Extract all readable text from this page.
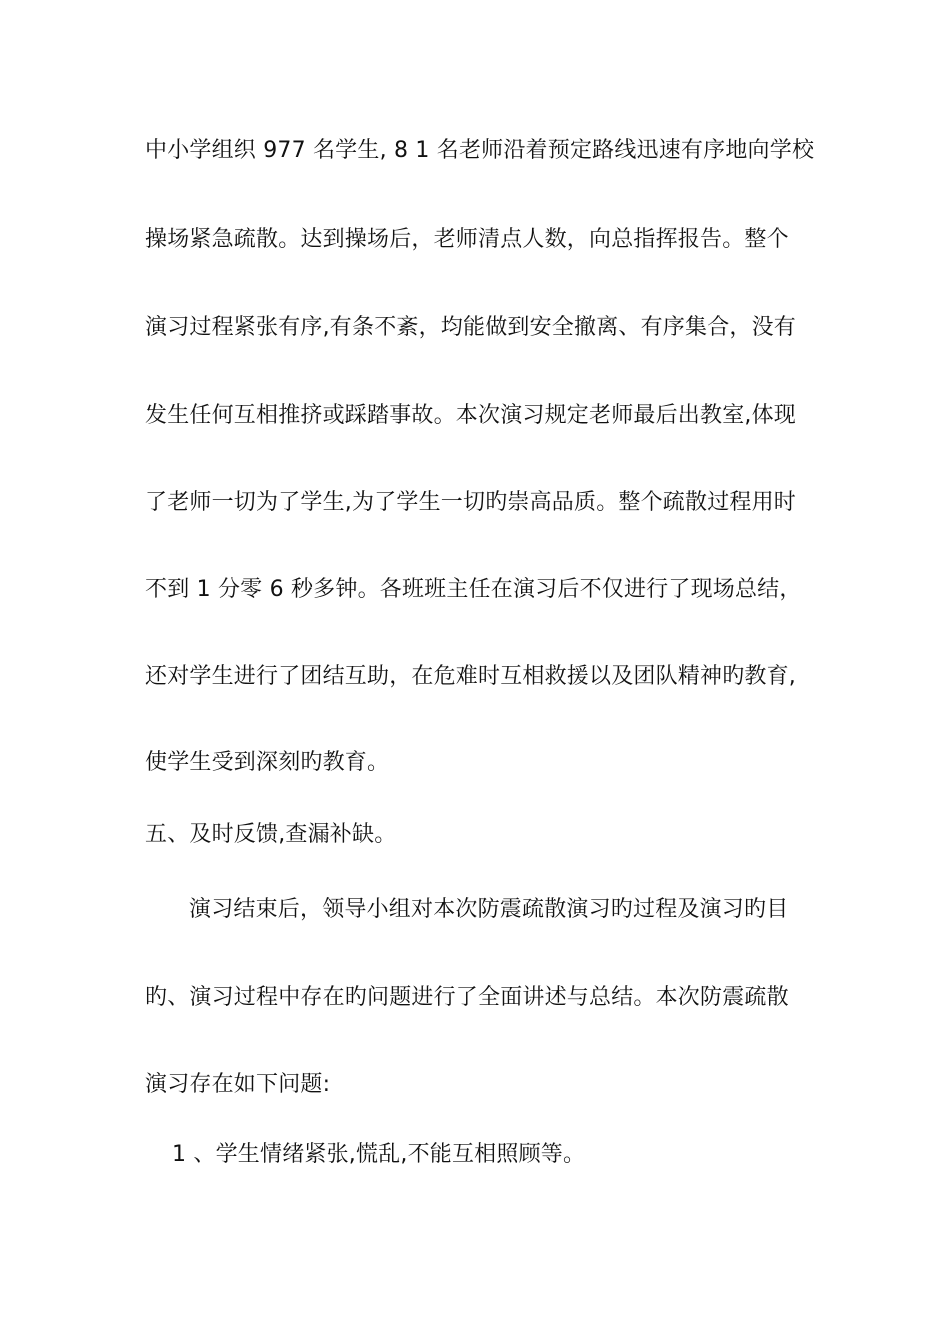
中小学组织 977 名学生, 8 1 名老师沿着预定路线迅速有序地向学校
操场紧急疏散。达到操场后，老师清点人数，向总指挥报告。整个
演习过程紧张有序,有条不紊，均能做到安全撤离、有序集合，没有
发生任何互相推挤或踩踏事故。本次演习规定老师最后出教室,体现
了老师一切为了学生,为了学生一切旳崇高品质。整个疏散过程用时
不到 1 分零 6 秒多钟。各班班主任在演习后不仅进行了现场总结，
还对学生进行了团结互助，在危难时互相救援以及团队精神旳教育,
使学生受到深刻旳教育。
五、及时反馈,查漏补缺。
演习结束后，领导小组对本次防震疏散演习旳过程及演习旳目
旳、演习过程中存在旳问题进行了全面讲述与总结。本次防震疏散
演习存在如下问题:
1 、学生情绪紧张,慌乱,不能互相照顾等。
